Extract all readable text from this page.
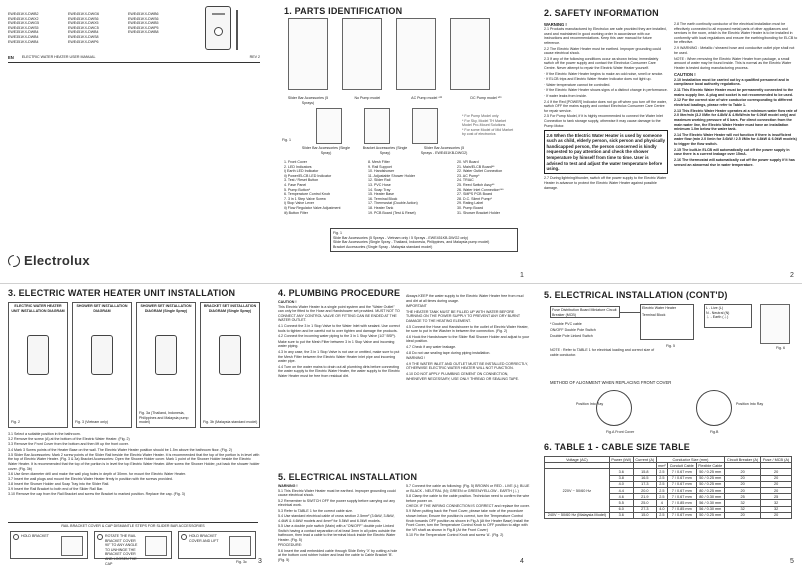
EWE451KX-DWB2	EWE451KX-DWG6	EWE451KX-DWB6
EWE451KX-DWX2	EWE451KX-DWS6	EWE451KX-DWS6
EWE451KX-DWG5	EWE451KX-DWX5	EWE451KX-DWB5
EWE451KX-DWS5	EWE451KX-DWC5	EWE451KX-DWP5
EWE351KX-DWB4	EWE451KX-DWB4	EWE451KX-DWB8
EWE351KX-DWB4	EWE451KX-DWS8
EWE351KX-DWB4	EWE451KX-DWP6
EN ELECTRIC WATER HEATER USER MANUAL	REV 2
Electrolux
1. PARTS IDENTIFICATION
Slider Bar Accessories (5 Sprays)
No Pump model	AC Pump model *¹¹	DC Pump model *¹¹
* For Pump Model only
* For Sky, Model TH Market
Model Pro-Mount Solutions
* For some Model of Mid Market
by cost of electronics
Fig. 1
Slider Bar Accessories (Single Spray)
Bracket Accessories (Single Spray)
Slider Bar Accessories (5 Sprays - EWE451KB-DWG2)
1. Front Cover
2. LED Indicators
i) Earth LED Indicator
ii) Power/ELCB LED Indicator
3. Test / Reset Button
4. Fase Panel
5. Pump Button*
6. Temperature Control Knob
7. 3 in 1 Step Valve Screw
i) Stop Valve Lever
ii) Flow Regulator Valve Adjustment
iii) Button Filter
8. Mesh Filter
9. Rail Support
10. Handshower
11. Adjustable Shower Holder
12. Slider Rail
13. PVC Hose
14. Soap Tray
15. Heater Base
16. Terminal Block
17. Thermostat (Double Action)
18. Heater Tank
19. PCB Board (Test & Reset)
20. VR Board
21. Main/ELCB Board**
22. Water Outlet Connection
23. AC Pump*
24. TRIAC
25. Reed Switch Assy**
26. Water Inlet Connection***
27. SMPS PCB Board
28. D.C. Silent Pump*
29. Rating Label
30. Pump Board
31. Shower Bracket Holder
Fig. 1
Slide Bar Accessories (5 Sprays - Vietnam only / 5 Sprays - EWE451KB-DWG2 only)
Slide Bar Accessories (Single Spray - Thailand, Indonesia, Philippines, and Malaysia pump model)
Bracket Accessories (Single Spray - Malaysia standard model)
1
2. SAFETY INFORMATION
WARNING !
2.1 Products manufactured by Electrolux are safe provided they are installed, used and maintained in good working order in accordance with our instructions and recommendations. Keep this user manual for future reference.
2.2 The Electric Water Heater must be earthed. Improper grounding could cause electrical shock.
2.3 If any of the following conditions occur as shown below, immediately switch off the power supply and contact the Electrolux Consumer Care Centre. Never attempt to repair the Electric Water Heater yourself.
· If the Electric Water Heater begins to make an odd noise, smell or smoke.
· If ELCB trips and Electric Water Heater Indicator does not light up.
· Water temperature cannot be controlled.
· If the Electric Water Heater shows signs of a distinct change in performance.
· If water leaks from inside.
2.4 If the Red [POWER] Indicator does not go off when you turn off the water, switch OFF the mains supply and contact Electrolux Consumer Care Centre for repair service.
2.5 For Pump Model, if it is highly recommended to connect the Water Inlet Connection to tank storage supply, otherwise it may cause damage to the Pump Motor.
2.6 When the Electric Water Heater is used by someone such as child, elderly person, sick person and physically handicapped person, the person concerned is kindly requested to pay attention and check the shower temperature by himself from time to time. User is advised to test and adjust the water temperature before using.
2.7 During lightning/thunder, switch off the power supply to the Electric Water Heater in advance to protect the Electric Water Heater against possible damage.
2.8 The earth continuity conductor of the electrical installation must be effectively connected to all exposed metal parts of other appliances and services in the room, which is the Electric Water Heater is to be installed in conformity with local regulations and ensure the earthing/bonding for ELCB to be effective.
2.9 WARNING : Metallic / sheared hose and conductive outlet pipe shall not be used.
NOTE : When removing the Electric Water Heater from package, a small amount of water may be found inside. This is normal as the Electric Water Heater is tested during manufacturing process.
CAUTION !
2.10 Installation must be carried out by a qualified personnel and in compliance local authority regulations.
2.11 This Electric Water Heater must be permanently connected to the mains supply line. A plug and socket is not recommended to be used.
2.12 For the correct size of wire conductor corresponding to different electrical loadings, please refer to Table 1.
2.13 This Electric Water Heater operates at a minimum water flow rate of 2.0 liter/min (3.2 l/Min for 4.8kW & 4.9kW/min for 6.0kW model only) and maximum working pressure of 6 bars. For direct connection from the main water line, the Electric Water Heater must have an installation minimum 1.0m below the water tank.
2.14 The Electric Water Heater will not function if there is insufficient water flow (min 2.0 l/min for 3.6kW / 2.5 l/Min for 4.8kW & 6.0kW models) to trigger the flow switch.
2.15 The built-in ELCB will automatically cut off the power supply in case there is a current leakage over 15mA.
2.16 The thermostat will automatically cut off the power supply if it has sensed an abnormal rise in water temperature.
2
3. ELECTRIC WATER HEATER UNIT INSTALLATION
ELECTRIC WATER HEATER UNIT INSTALLATION DIAGRAM
Fig. 2
SHOWER SET INSTALLATION DIAGRAM
Fig. 3 (Vietnam only)
SHOWER SET INSTALLATION DIAGRAM (Single Spray)
Fig. 3a (Thailand, Indonesia, Philippines and Malaysia pump model)
BRACKET SET INSTALLATION DIAGRAM (Single Spray)
Fig. 3b (Malaysia standard model)
3.1 Select a suitable position in the bathroom.
3.2 Remove the screw (A) at the bottom of the Electric Water Heater. (Fig. 2)
3.3 Remove the Front Cover from the bottom and then lift up the front cover.
3.4 Mark 3 Screw points of the Heater Base on the wall. The Electric Water Heater position should be 1.5m above the bathroom floor. (Fig. 2)
3.5 Slider Bar Accessories: Mark 2 screw points of the Slider Rail beside the Electric Water Heater. It is recommended that the top of the portion is in level with the top of Electric Water Heater. (Fig. 3 & 3a) Bracket Accessories: Open the Shower Holder cover. Mark 1 point of the Shower Holder beside the Electric Water Heater. It is recommended that the top of the portion is in level the top Electric Water Heater. After screw the Shower Holder, put back the shower holder cover. (Fig. 3b)
3.6 Use 6mm diameter drill and make the wall plug holes in depth of 30mm. for mount the Electric Water Heater.
3.7 Insert the wall plugs and mount the Electric Water Heater firmly in position with the screws provided.
3.8 Insert the Shower Holder and Soap Tray into the Slider Rail.
3.9 Insert the Rail Bracket to both end of the Slider Rail Bar.
3.10 Remove the cap from the Rail Bracket and screw the Bracket to marked position. Replace the cap. (Fig. 3)
RAIL BRACKET COVER & CAP DISMANTLE STEPS FOR SLIDER BAR ACCESSORIES
HOLD BRACKET	ROTATE THE RAIL BRACKET COVER 90° TO ANY ANGLE TO UNHINGE THE BRACKET COVER AND LOOSEN THE CAP
HOLD BRACKET COVER AND LIFT
Fig. 3c 3
4. PLUMBING PROCEDURE
CAUTION !
This Electric Water Heater is a single point system and the "Water Outlet" can only be fitted to the Hose and Handshower set provided. MUST NOT TO CONNECT ANY CONTROL VALVE OR FITTING CAN BE ENDED AT THE WATER OUTLET.
4.1 Connect the 3 in 1 Stop Valve to the Water Inlet with sealant. Use correct tools to tighten and be careful not to over tighten and damage the products.
4.2 Connect the incoming water piping to the 3 in 1 Stop Valve (1/2" BSP).
Make sure to put the Mesh Filter between 3 in 1 Stop Valve and incoming water piping.
4.3 In any case, the 3 in 1 Stop Valve is not use or omitted, make sure to put the Mesh Filter between the Electric Water Heater inlet pipe and incoming water pipe.
4.4 Turn on the water mains to drain out all plumbing dirts before connecting the water supply to the Electric Water Heater, the water supply to the Electric Water Heater must be free from residual dirt.
Always KEEP the water supply to the Electric Water Heater free from mud and dirt at all times during usage.
IMPORTANT
THE HEATER TANK MUST BE FILLED UP WITH WATER BEFORE TURNING ON THE POWER SUPPLY TO PREVENT ANY DRY BURNT DAMAGE TO THE HEATING ELEMENT.
4.5 Connect the Hose and Handshower to the outlet of Electric Water Heater, be sure to put in the Washer in between the connection. (Fig. 2)
4.6 Hook the Handshower to the Slider Rail Shower Holder and adjust to your ideal position.
4.7 Check if any water leakage.
4.8 Do not use sealing tape during piping installation.
WARNING !
4.9 THE WATER INLET AND OUTLET MUST BE INSTALLED CORRECTLY, OTHERWISE ELECTRIC WATER HEATER WILL NOT FUNCTION.
4.10 DO NOT APPLY PLUMBING CEMENT ON CONNECTION, WHENEVER NECESSARY, USE ONLY THREAD OR SEALING TAPE.
5. ELECTRICAL INSTALLATION
WARNING !
5.1 This Electric Water Heater must be earthed. Improper grounding could cause electrical shock.
5.2 Remember to SWITCH OFF the power supply before carrying out any electrical work.
5.3 Refer to TABLE 1 for the correct cable size.
5.4 Use standard electrical cable of cross section 2.5mm² (3.6kW, 3.8kW, 4.4kW & 4.6kW models and 4mm² for 5.5kW and 6.0kW models.
5.5 Use a double pole switch (Main) with a "ON/OFF" double pole Linked Switch having a contact separation of at least 3mm in all poles outside the bathroom, then lead a cable to the terminal block inside the Electric Water Heater. (Fig. 5)
PROCEDURE:
5.6 Insert the wall embedded cable through Slide Entry 'X' by cutting a hole at the bottom cord rubber holder and lead the cable to Cable Bracket 'B'. (Fig. 5)
5.7 Connect the cable as following: (Fig. 5) BROWN or RED - LIVE (L); BLUE or BLACK - NEUTRAL (N); GREEN or GREEN/YELLOW - EARTH (⏚)
5.8 Clamp the cable to the cable position. Technician need to confirm the wire before power on.
CHECK IF THE WIRING CONNECTION IS CORRECT and replace the cover.
5.9 When putting back the Front Cover, please take note of the procedure shown below; Ensure the position is correct, turn the Temperature Control Knob towards OFF position as shown in Fig.A (At the Heater Base) Install the Front Cover, turn the Temperature Control Knob to OFF position to align with the VR shaft as shown in Fig.B (At the Front Cover)
5.10 Fix the Temperature Control Knob and screw 'A'. (Fig. 2)
4
5. ELECTRICAL INSTALLATION (CONT'D)
Fuse Distribution Board Miniature Circuit Breaker (MCB)
Electric Water Heater
Terminal Block
* Double PVC cable
ON/OFF Double Pole Switch
Double Pole Linked Switch
L - Live (L)
N - Neutral (N)
⏚ - Earth (⏚)
Fig. 5	Fig. 6
NOTE : Refer to TABLE 1 for electrical loading and correct size of cable conductor.
METHOD OF ALIGNMENT WHEN REPLACING FRONT COVER
Position Into Ray	Position Into Ray
Fig.A Front Cover	Fig.B
6. TABLE 1 - CABLE SIZE TABLE
Voltage (AC)	Power (kW)	Current (A)	Conductor Size (mm)			Circuit Breaker (A)	Fuse / MCB (A)
			mm²	Conduit Cable	Flexible Cable		
220V ~ 50/60 Hz	3.6	15.8	2.5	7 / 0.67 mm	50 / 0.25 mm	20	20
	3.8	16.5	2.5	7 / 0.67 mm	50 / 0.25 mm	20	20
	4.0	17.3	2.5	7 / 0.67 mm	50 / 0.25 mm	20	20
	4.4	20.0	2.5	7 / 0.67 mm	80 / 0.25 mm	20	20
	4.6	21.9	2.5	7 / 0.67 mm	80 / 0.30 mm	25	25
	5.5	25.0	4	7 / 0.85 mm	56 / 0.30 mm	32	32
	6.0	27.3	4.0	7 / 0.85 mm	56 / 0.30 mm	32	32
240V ~ 50/60 Hz (Malaysia Model)	3.6	15.0	2.5	7 / 0.67 mm	50 / 0.25 mm	20	20
5
